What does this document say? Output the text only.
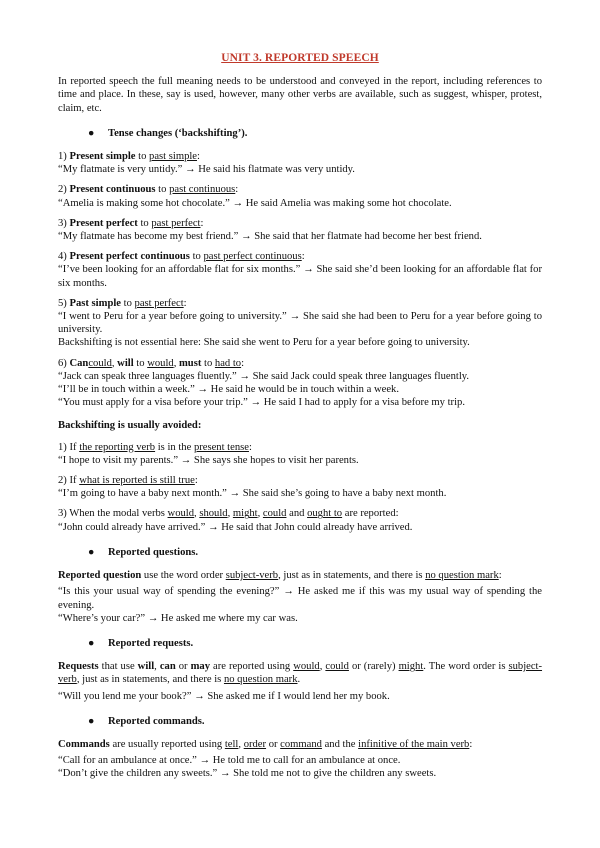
UNIT 3. REPORTED SPEECH

In reported speech the full meaning needs to be understood and conveyed in the report, including references to time and place. In these, say is used, however, many other verbs are available, such as suggest, whisper, protest, claim, etc.

● Tense changes (‘backshifting’).

1) Present simple to past simple:

“My flatmate is very untidy.” → He said his flatmate was very untidy.

2) Present continuous to past continuous:

“Amelia is making some hot chocolate.” → He said Amelia was making some hot chocolate.

3) Present perfect to past perfect:

“My flatmate has become my best friend.” → She said that her flatmate had become her best friend.

4) Present perfect continuous to past perfect continuous:

“I’ve been looking for an affordable flat for six months.” → She said she’d been looking for an affordable flat for six months.

5) Past simple to past perfect:

“I went to Peru for a year before going to university.” → She said she had been to Peru for a year before going to university.

Backshifting is not essential here: She said she went to Peru for a year before going to university.

6) Cancould, will to would, must to had to:

“Jack can speak three languages fluently.” → She said Jack could speak three languages fluently.

“I’ll be in touch within a week.” → He said he would be in touch within a week.

“You must apply for a visa before your trip.” → He said I had to apply for a visa before my trip.

Backshifting is usually avoided:

1) If the reporting verb is in the present tense:

“I hope to visit my parents.” → She says she hopes to visit her parents.

2) If what is reported is still true:

“I’m going to have a baby next month.” → She said she’s going to have a baby next month.

3) When the modal verbs would, should, might, could and ought to are reported:

“John could already have arrived.” → He said that John could already have arrived.

● Reported questions.

Reported question use the word order subject-verb, just as in statements, and there is no question mark:

“Is this your usual way of spending the evening?” → He asked me if this was my usual way of spending the evening.

“Where’s your car?” → He asked me where my car was.

● Reported requests.

Requests that use will, can or may are reported using would, could or (rarely) might. The word order is subject-verb, just as in statements, and there is no question mark.

“Will you lend me your book?” → She asked me if I would lend her my book.

● Reported commands.

Commands are usually reported using tell, order or command and the infinitive of the main verb:

“Call for an ambulance at once.” → He told me to call for an ambulance at once.

“Don’t give the children any sweets.” → She told me not to give the children any sweets.
